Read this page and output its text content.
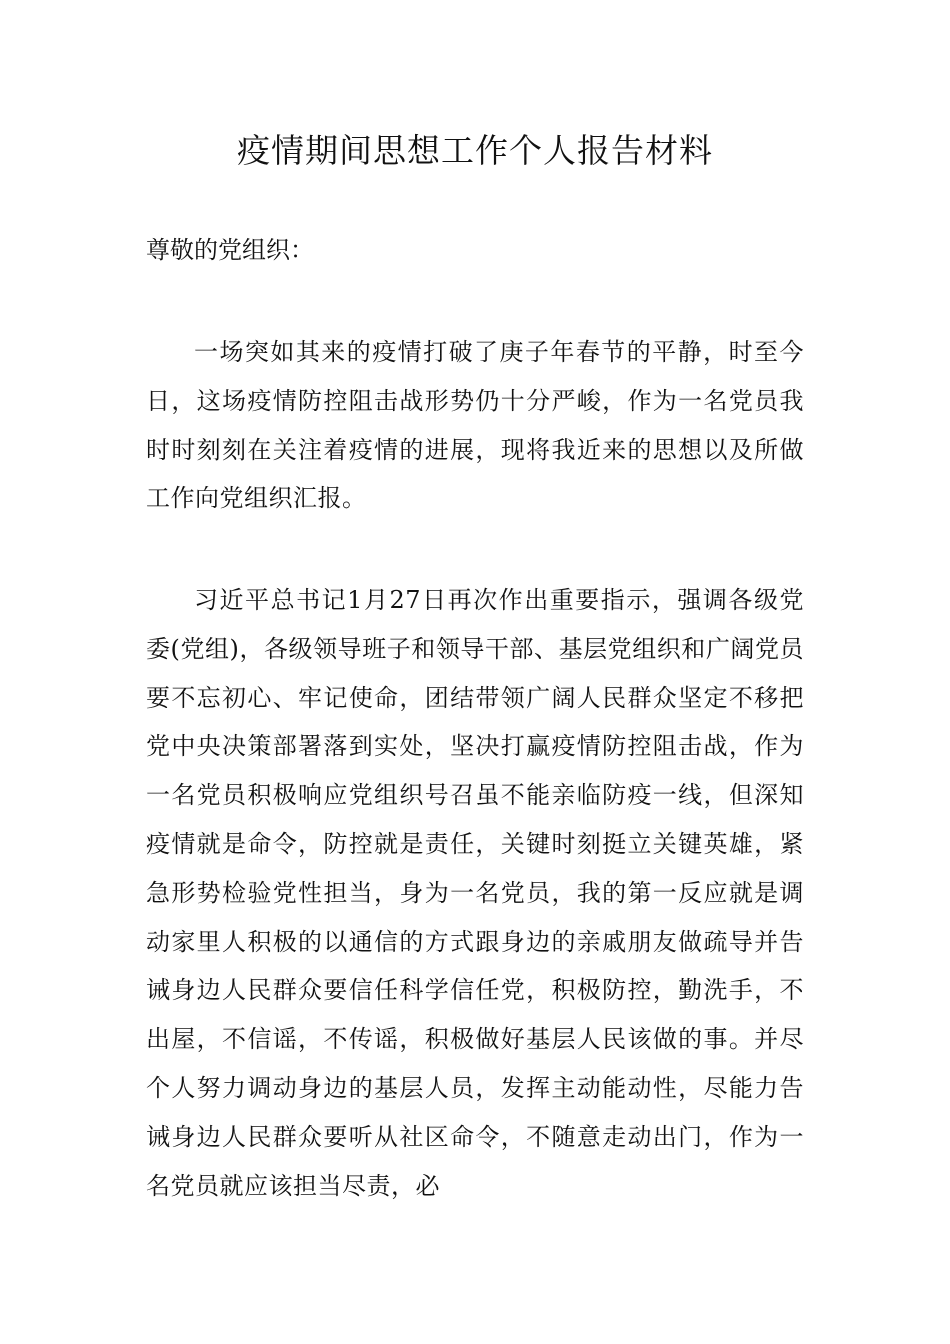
疫情期间思想工作个人报告材料

尊敬的党组织：

一场突如其来的疫情打破了庚子年春节的平静，时至今日，这场疫情防控阻击战形势仍十分严峻，作为一名党员我时时刻刻在关注着疫情的进展，现将我近来的思想以及所做工作向党组织汇报。

习近平总书记1月27日再次作出重要指示，强调各级党委(党组)，各级领导班子和领导干部、基层党组织和广阔党员要不忘初心、牢记使命，团结带领广阔人民群众坚定不移把党中央决策部署落到实处，坚决打赢疫情防控阻击战，作为一名党员积极响应党组织号召虽不能亲临防疫一线，但深知疫情就是命令，防控就是责任，关键时刻挺立关键英雄，紧急形势检验党性担当，身为一名党员，我的第一反应就是调动家里人积极的以通信的方式跟身边的亲戚朋友做疏导并告诫身边人民群众要信任科学信任党，积极防控，勤洗手，不出屋，不信谣，不传谣，积极做好基层人民该做的事。并尽个人努力调动身边的基层人员，发挥主动能动性，尽能力告诫身边人民群众要听从社区命令，不随意走动出门，作为一名党员就应该担当尽责，必
